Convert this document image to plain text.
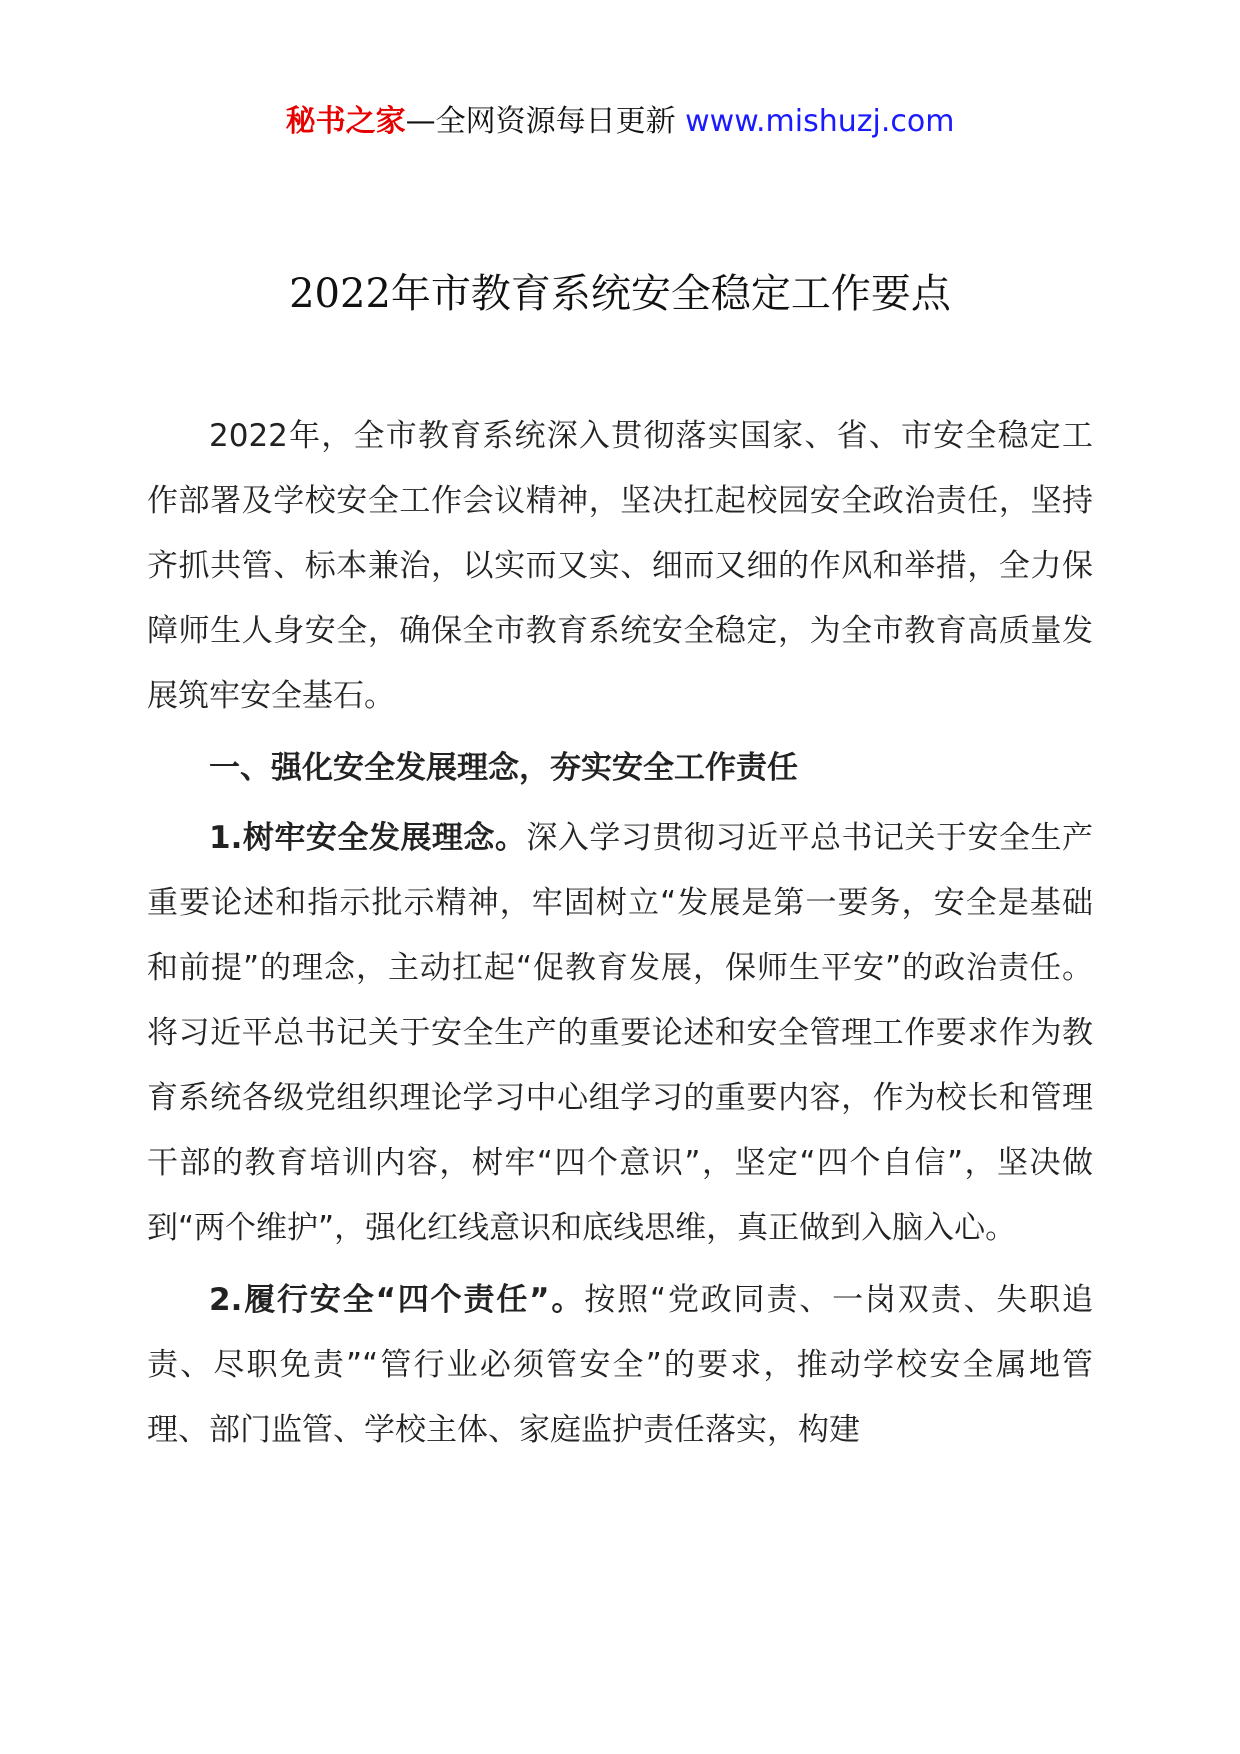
秘书之家—全网资源每日更新 www.mishuzj.com
2022年市教育系统安全稳定工作要点

2022年，全市教育系统深入贯彻落实国家、省、市安全稳定工作部署及学校安全工作会议精神，坚决扛起校园安全政治责任，坚持齐抓共管、标本兼治，以实而又实、细而又细的作风和举措，全力保障师生人身安全，确保全市教育系统安全稳定，为全市教育高质量发展筑牢安全基石。

一、强化安全发展理念，夯实安全工作责任

1.树牢安全发展理念。深入学习贯彻习近平总书记关于安全生产重要论述和指示批示精神，牢固树立“发展是第一要务，安全是基础和前提”的理念，主动扛起“促教育发展，保师生平安”的政治责任。将习近平总书记关于安全生产的重要论述和安全管理工作要求作为教育系统各级党组织理论学习中心组学习的重要内容，作为校长和管理干部的教育培训内容，树牢“四个意识”，坚定“四个自信”，坚决做到“两个维护”，强化红线意识和底线思维，真正做到入脑入心。

2.履行安全“四个责任”。按照“党政同责、一岗双责、失职追责、尽职免责”“管行业必须管安全”的要求，推动学校安全属地管理、部门监管、学校主体、家庭监护责任落实，构建
